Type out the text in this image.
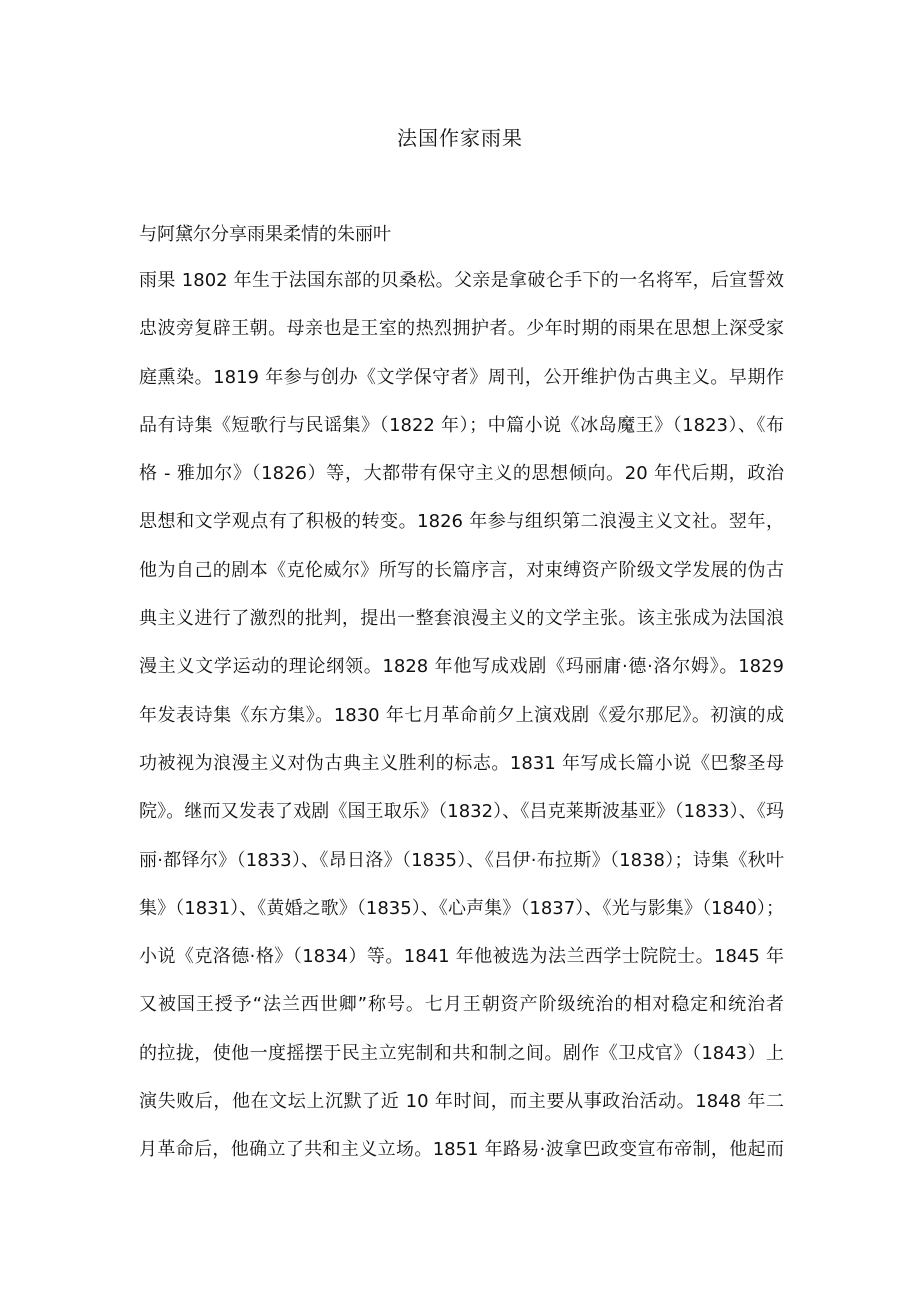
法国作家雨果
与阿黛尔分享雨果柔情的朱丽叶
雨果 1802 年生于法国东部的贝桑松。父亲是拿破仑手下的一名将军，后宣誓效
忠波旁复辟王朝。母亲也是王室的热烈拥护者。少年时期的雨果在思想上深受家
庭熏染。1819 年参与创办《文学保守者》周刊，公开维护伪古典主义。早期作
品有诗集《短歌行与民谣集》（1822 年）；中篇小说《冰岛魔王》（1823）、《布
格 - 雅加尔》（1826）等，大都带有保守主义的思想倾向。20 年代后期，政治
思想和文学观点有了积极的转变。1826 年参与组织第二浪漫主义文社。翌年，
他为自己的剧本《克伦威尔》所写的长篇序言，对束缚资产阶级文学发展的伪古
典主义进行了激烈的批判，提出一整套浪漫主义的文学主张。该主张成为法国浪
漫主义文学运动的理论纲领。1828 年他写成戏剧《玛丽庸·德·洛尔姆》。1829
年发表诗集《东方集》。1830 年七月革命前夕上演戏剧《爱尔那尼》。初演的成
功被视为浪漫主义对伪古典主义胜利的标志。1831 年写成长篇小说《巴黎圣母
院》。继而又发表了戏剧《国王取乐》（1832）、《吕克莱斯波基亚》（1833）、《玛
丽·都铎尔》（1833）、《昂日洛》（1835）、《吕伊·布拉斯》（1838）；诗集《秋叶
集》（1831）、《黄婚之歌》（1835）、《心声集》（1837）、《光与影集》（1840）；
小说《克洛德·格》（1834）等。1841 年他被选为法兰西学士院院士。1845 年
又被国王授予“法兰西世卿”称号。七月王朝资产阶级统治的相对稳定和统治者
的拉拢，使他一度摇摆于民主立宪制和共和制之间。剧作《卫戍官》（1843）上
演失败后，他在文坛上沉默了近 10 年时间，而主要从事政治活动。1848 年二
月革命后，他确立了共和主义立场。1851 年路易·波拿巴政变宣布帝制，他起而
